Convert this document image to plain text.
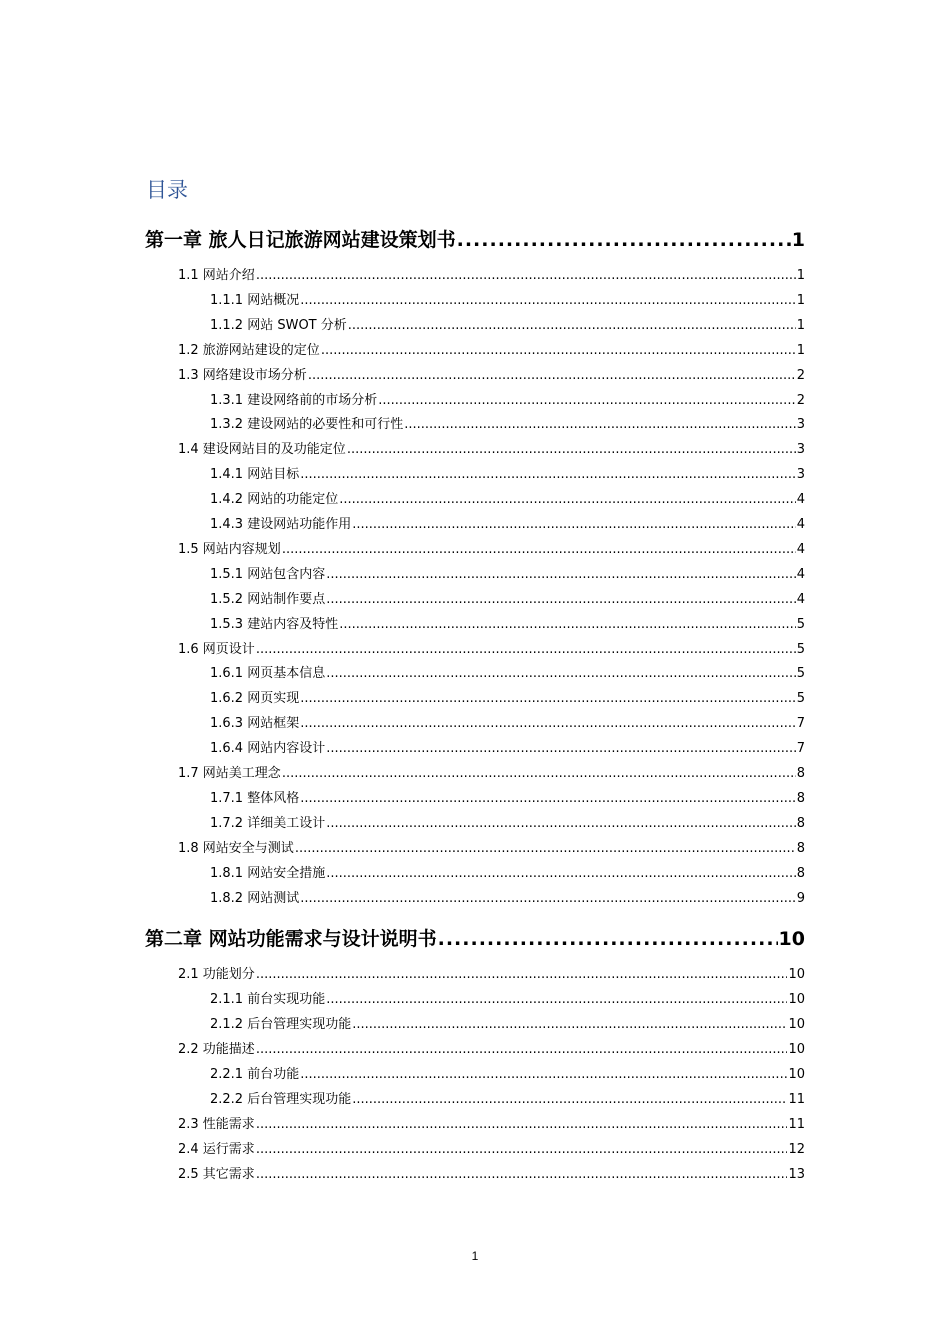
目录
第一章 旅人日记旅游网站建设策划书 .....	1
1.1 网站介绍 .....	1
1.1.1 网站概况 .....	1
1.1.2 网站 SWOT 分析 .....	1
1.2 旅游网站建设的定位 .....	1
1.3 网络建设市场分析 .....	2
1.3.1 建设网络前的市场分析 .....	2
1.3.2 建设网站的必要性和可行性 .....	3
1.4 建设网站目的及功能定位 .....	3
1.4.1 网站目标 .....	3
1.4.2 网站的功能定位 .....	4
1.4.3 建设网站功能作用 .....	4
1.5 网站内容规划 .....	4
1.5.1 网站包含内容 .....	4
1.5.2 网站制作要点 .....	4
1.5.3 建站内容及特性 .....	5
1.6 网页设计 .....	5
1.6.1 网页基本信息 .....	5
1.6.2 网页实现 .....	5
1.6.3 网站框架 .....	7
1.6.4 网站内容设计 .....	7
1.7 网站美工理念 .....	8
1.7.1 整体风格 .....	8
1.7.2 详细美工设计 .....	8
1.8 网站安全与测试 .....	8
1.8.1 网站安全措施 .....	8
1.8.2 网站测试 .....	9
第二章 网站功能需求与设计说明书 .....	10
2.1 功能划分 .....	10
2.1.1 前台实现功能 .....	10
2.1.2 后台管理实现功能 .....	10
2.2 功能描述 .....	10
2.2.1 前台功能 .....	10
2.2.2 后台管理实现功能 .....	11
2.3 性能需求 .....	11
2.4 运行需求 .....	12
2.5 其它需求 .....	13
1
